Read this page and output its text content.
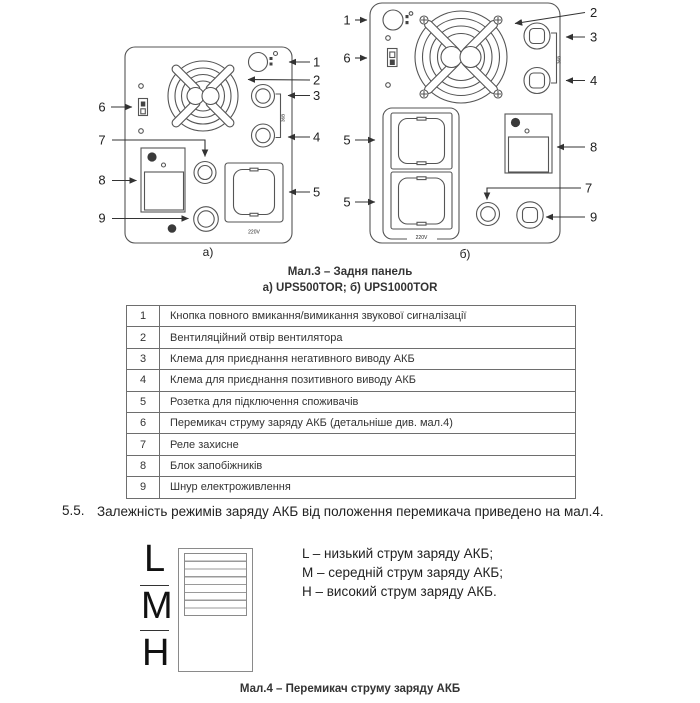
36В
220V
а)
6
7
8
9
1
2
3
4
5
36В
220V
б)
1
6
5
5
2
3
4
8
7
9
Мал.3 – Задня панель
а) UPS500TOR; б) UPS1000TOR
1	Кнопка повного вмикання/вимикання звукової сигналізації
2	Вентиляційний отвір вентилятора
3	Клема для приєднання негативного виводу АКБ
4	Клема для приєднання позитивного виводу АКБ
5	Розетка для підключення споживачів
6	Перемикач струму заряду АКБ (детальніше див. мал.4)
7	Реле захисне
8	Блок запобіжників
9	Шнур електроживлення
5.5. Залежність режимів заряду АКБ від положення перемикача приведено на мал.4.
L
M
H
L – низький струм заряду АКБ;
М – середній струм заряду АКБ;
Н – високий струм заряду АКБ.
Мал.4 – Перемикач струму заряду АКБ
